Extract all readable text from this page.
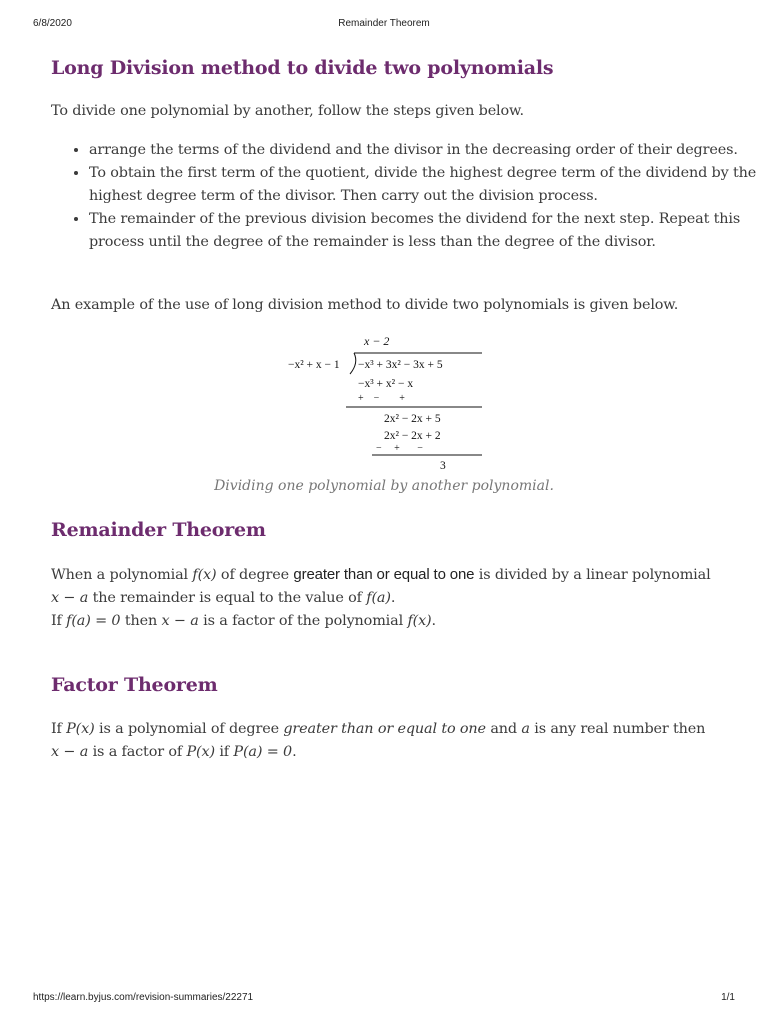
6/8/2020	Remainder Theorem
Long Division method to divide two polynomials

To divide one polynomial by another, follow the steps given below.

• arrange the terms of the dividend and the divisor in the decreasing order of their degrees.
• To obtain the first term of the quotient, divide the highest degree term of the dividend by the highest degree term of the divisor. Then carry out the division process.
• The remainder of the previous division becomes the dividend for the next step. Repeat this process until the degree of the remainder is less than the degree of the divisor.

An example of the use of long division method to divide two polynomials is given below.

x − 2
−x² + x − 1 −x³ + 3x² − 3x + 5
−x³ + x² − x
+    −        +
2x² − 2x + 5
2x² − 2x + 2
−     +       −
3
Dividing one polynomial by another polynomial.
Remainder Theorem

When a polynomial f(x) of degree greater than or equal to one is divided by a linear polynomial
x − a the remainder is equal to the value of f(a).
If f(a) = 0 then x − a is a factor of the polynomial f(x).

Factor Theorem

If P(x) is a polynomial of degree greater than or equal to one and a is any real number then
x − a is a factor of P(x) if P(a) = 0.

https://learn.byjus.com/revision-summaries/22271	1/1
